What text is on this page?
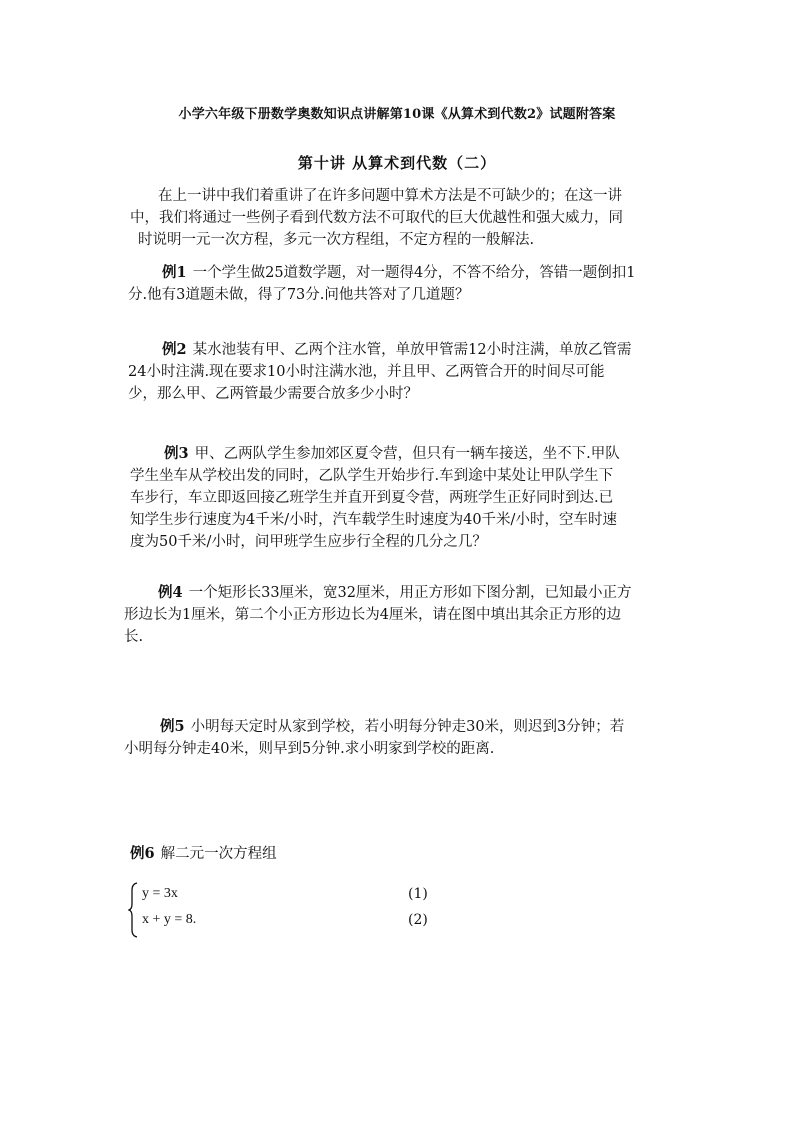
小学六年级下册数学奥数知识点讲解第10课《从算术到代数2》试题附答案
第十讲 从算术到代数（二）
在上一讲中我们着重讲了在许多问题中算术方法是不可缺少的；在这一讲
中，我们将通过一些例子看到代数方法不可取代的巨大优越性和强大威力，同
时说明一元一次方程，多元一次方程组，不定方程的一般解法.
例1 一个学生做25道数学题，对一题得4分，不答不给分，答错一题倒扣1
分.他有3道题未做，得了73分.问他共答对了几道题？
例2 某水池装有甲、乙两个注水管，单放甲管需12小时注满，单放乙管需
24小时注满.现在要求10小时注满水池，并且甲、乙两管合开的时间尽可能
少，那么甲、乙两管最少需要合放多少小时？
例3 甲、乙两队学生参加郊区夏令营，但只有一辆车接送，坐不下.甲队
学生坐车从学校出发的同时，乙队学生开始步行.车到途中某处让甲队学生下
车步行，车立即返回接乙班学生并直开到夏令营，两班学生正好同时到达.已
知学生步行速度为4千米/小时，汽车载学生时速度为40千米/小时，空车时速
度为50千米/小时，问甲班学生应步行全程的几分之几？
例4 一个矩形长33厘米，宽32厘米，用正方形如下图分割，已知最小正方
形边长为1厘米，第二个小正方形边长为4厘米，请在图中填出其余正方形的边
长.
例5 小明每天定时从家到学校，若小明每分钟走30米，则迟到3分钟；若
小明每分钟走40米，则早到5分钟.求小明家到学校的距离.
例6 解二元一次方程组
y = 3x
x + y = 8.
(1)
(2)
